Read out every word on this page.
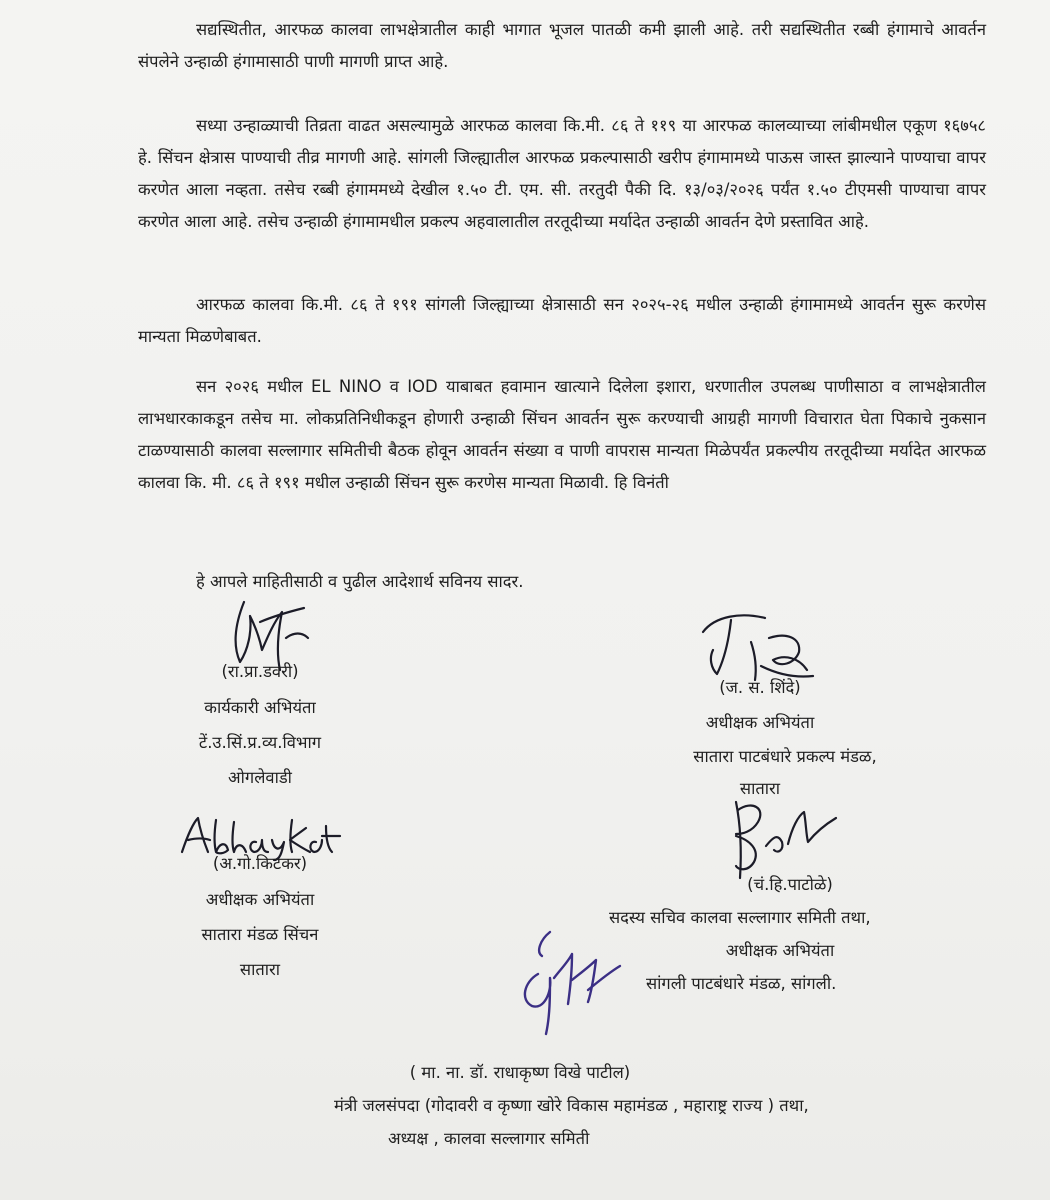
सद्यस्थितीत, आरफळ कालवा लाभक्षेत्रातील काही भागात भूजल पातळी कमी झाली आहे. तरी सद्यस्थितीत रब्बी हंगामाचे आवर्तन संपलेने उन्हाळी हंगामासाठी पाणी मागणी प्राप्त आहे.

सध्या उन्हाळ्याची तिव्रता वाढत असल्यामुळे आरफळ कालवा कि.मी. ८६ ते ११९ या आरफळ कालव्याच्या लांबीमधील एकूण १६७५८ हे. सिंचन क्षेत्रास पाण्याची तीव्र मागणी आहे. सांगली जिल्ह्यातील आरफळ प्रकल्पासाठी खरीप हंगामामध्ये पाऊस जास्त झाल्याने पाण्याचा वापर करणेत आला नव्हता. तसेच रब्बी हंगाममध्ये देखील १.५० टी. एम. सी. तरतुदी पैकी दि. १३/०३/२०२६ पर्यंत १.५० टीएमसी पाण्याचा वापर करणेत आला आहे. तसेच उन्हाळी हंगामामधील प्रकल्प अहवालातील तरतूदीच्या मर्यादेत उन्हाळी आवर्तन देणे प्रस्तावित आहे.

आरफळ कालवा कि.मी. ८६ ते १९१ सांगली जिल्ह्याच्या क्षेत्रासाठी सन २०२५-२६ मधील उन्हाळी हंगामामध्ये आवर्तन सुरू करणेस मान्यता मिळणेबाबत.

सन २०२६ मधील EL NINO व IOD याबाबत हवामान खात्याने दिलेला इशारा, धरणातील उपलब्ध पाणीसाठा व लाभक्षेत्रातील लाभधारकाकडून तसेच मा. लोकप्रतिनिधीकडून होणारी उन्हाळी सिंचन आवर्तन सुरू करण्याची आग्रही मागणी विचारात घेता पिकाचे नुकसान टाळण्यासाठी कालवा सल्लागार समितीची बैठक होवून आवर्तन संख्या व पाणी वापरास मान्यता मिळेपर्यंत प्रकल्पीय तरतूदीच्या मर्यादेत आरफळ कालवा कि. मी. ८६ ते १९१ मधील उन्हाळी सिंचन सुरू करणेस मान्यता मिळावी. हि विनंती

हे आपले माहितीसाठी व पुढील आदेशार्थ सविनय सादर.
(रा.प्रा.डवरी)
कार्यकारी अभियंता
टें.उ.सिं.प्र.व्य.विभाग
ओगलेवाडी
(ज. स. शिंदे)
अधीक्षक अभियंता
सातारा पाटबंधारे प्रकल्प मंडळ,
सातारा
(अ.गो.किटकर)
अधीक्षक अभियंता
सातारा मंडळ सिंचन
सातारा
(चं.हि.पाटोळे)
सदस्य सचिव कालवा सल्लागार समिती तथा,
अधीक्षक अभियंता
सांगली पाटबंधारे मंडळ, सांगली.
( मा. ना. डॉ. राधाकृष्ण विखे पाटील)
मंत्री जलसंपदा (गोदावरी व कृष्णा खोरे विकास महामंडळ , महाराष्ट्र राज्य ) तथा,
अध्यक्ष , कालवा सल्लागार समिती
